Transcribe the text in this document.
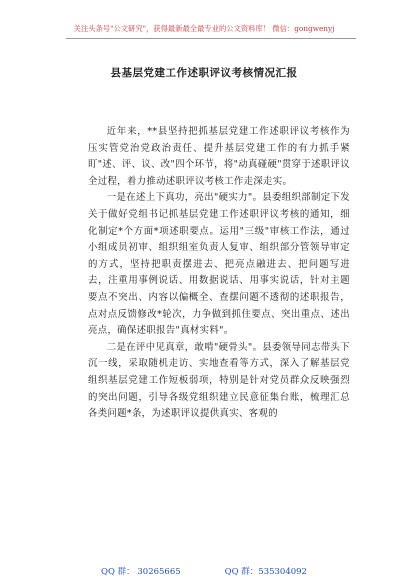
关注头条号"公文研究"，获得最新最全最专业的公文资料库！ 微信：gongwenyj
县基层党建工作述职评议考核情况汇报

近年来，**县坚持把抓基层党建工作述职评议考核作为压实管党治党政治责任、提升基层党建工作的有力抓手紧盯"述、评、议、改"四个环节，将"动真碰硬"贯穿于述职评议全过程，着力推动述职评议考核工作走深走实。

一是在述上下真功，亮出"硬实力"。县委组织部制定下发关于做好党组书记抓基层党建工作述职评议考核的通知，细化制定*个方面*项述职要点。运用"三级"审核工作法，通过小组成员初审、组织组室负责人复审、组织部分管领导审定的方式，坚持把职责摆进去、把亮点融进去、把问题写进去，注重用事例说话、用数据说话、用事实说话，针对主题要点不突出、内容以偏概全、查摆问题不透彻的述职报告，点对点反馈修改*轮次，力争做到抓住要点、突出重点、述出亮点，确保述职报告"真材实料"。

二是在评中见真章，敢啃"硬骨头"。县委领导同志带头下沉一线，采取随机走访、实地查看等方式，深入了解基层党组织基层党建工作短板弱项，特别是针对党员群众反映强烈的突出问题，引导各级党组织建立民意征集台账，梳理汇总各类问题*条，为述职评议提供真实、客观的

QQ 群： 30265665	QQ 群：535304092
